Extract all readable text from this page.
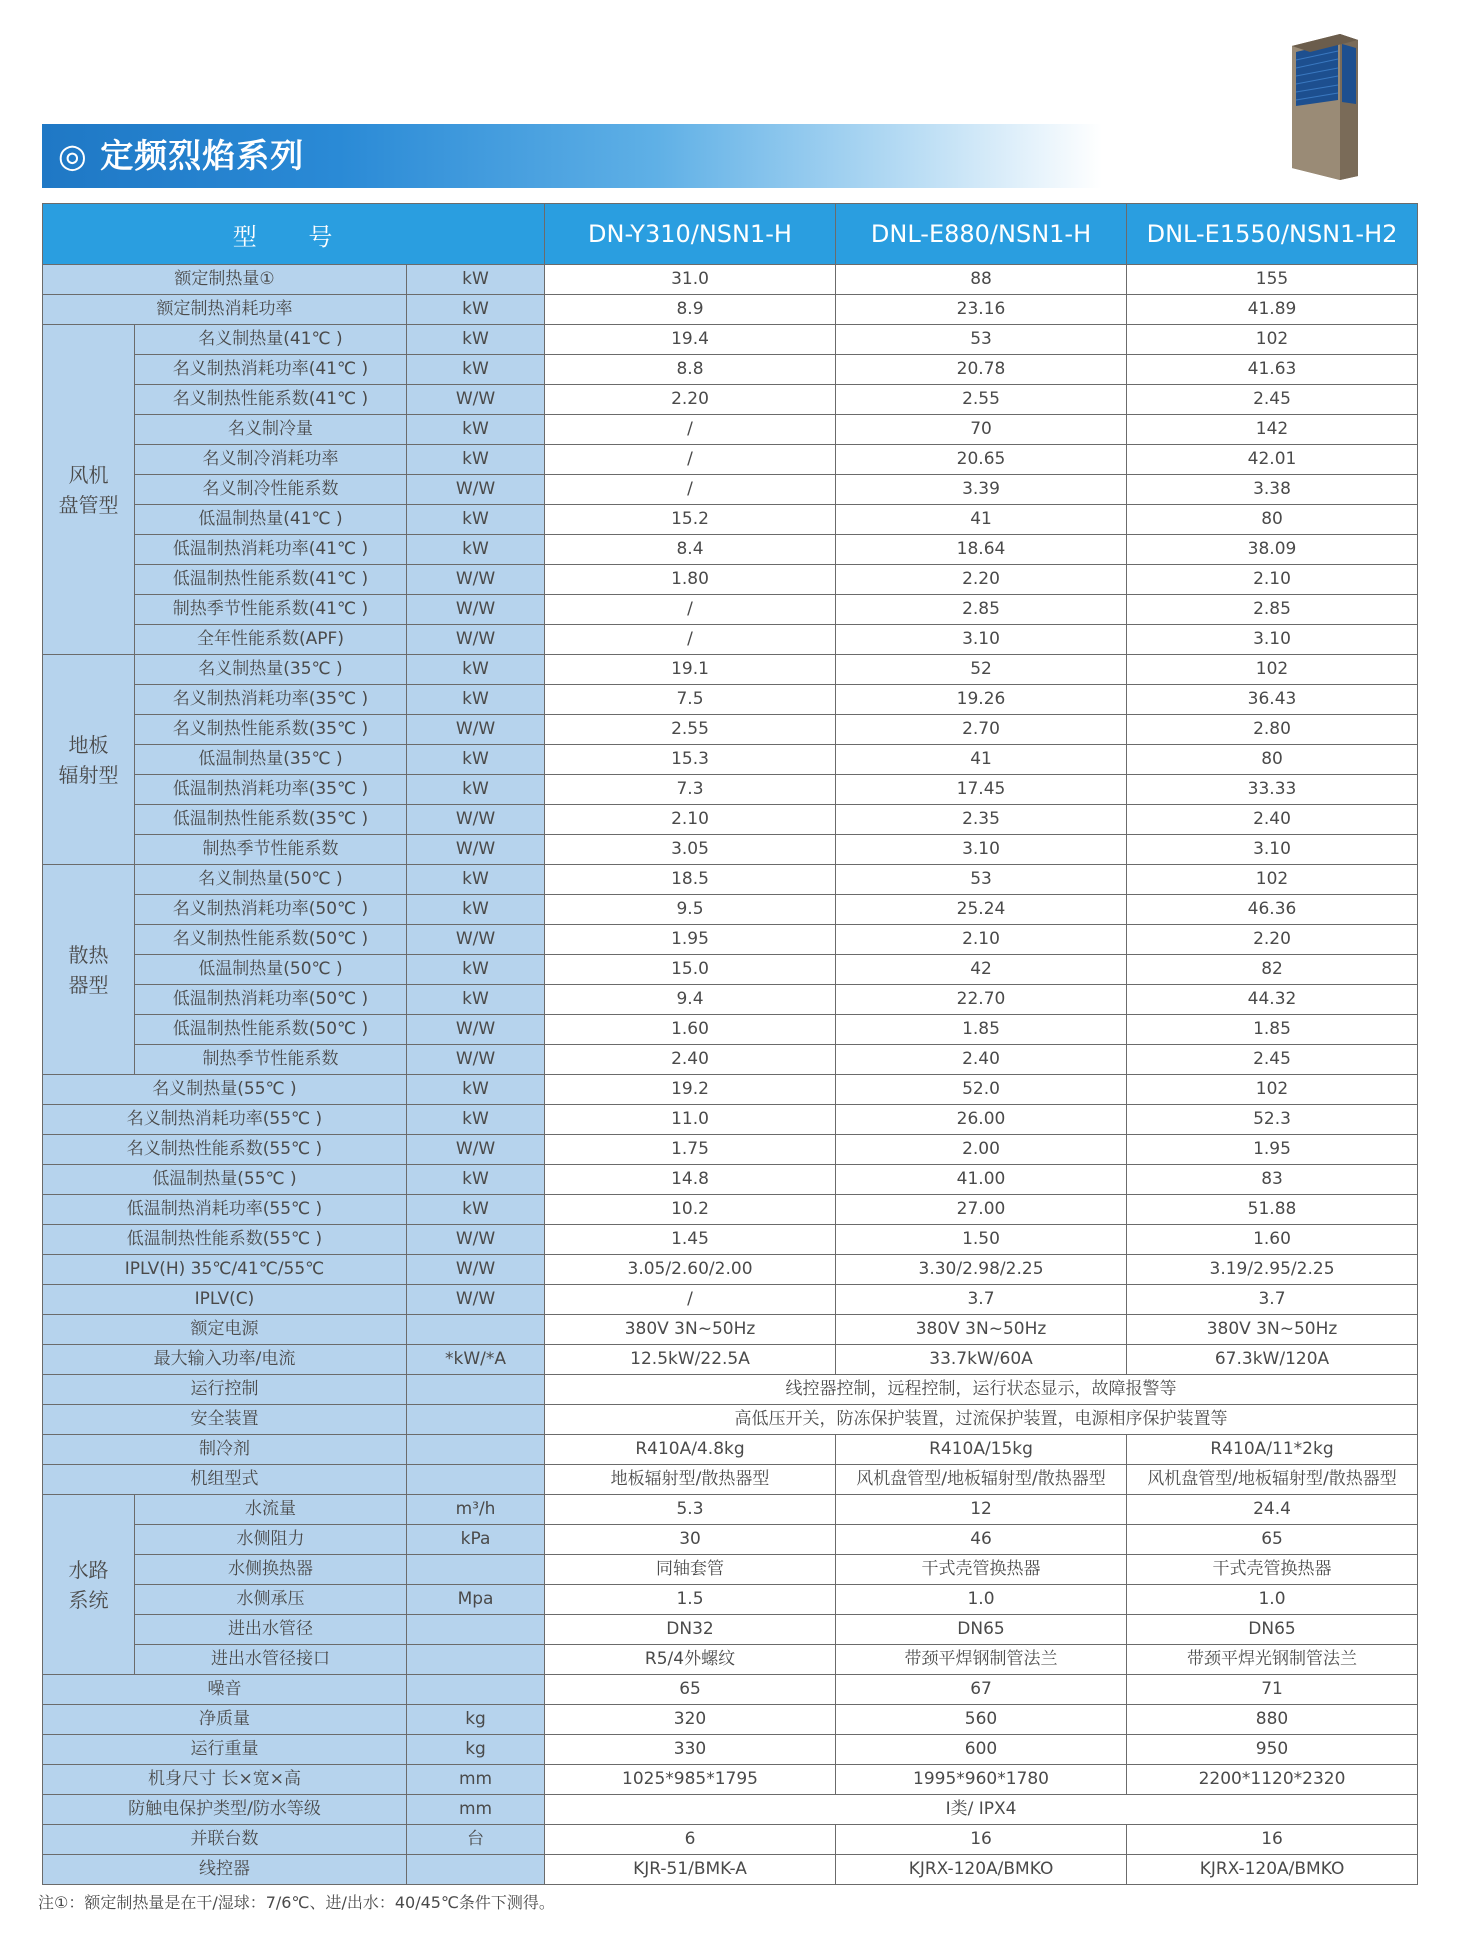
◎ 定频烈焰系列
型 号			DN-Y310/NSN1-H	DNL-E880/NSN1-H	DNL-E1550/NSN1-H2
额定制热量①		kW	31.0	88	155
额定制热消耗功率		kW	8.9	23.16	41.89
风机
盘管型	名义制热量(41℃ )	kW	19.4	53	102
	名义制热消耗功率(41℃ )	kW	8.8	20.78	41.63
	名义制热性能系数(41℃ )	W/W	2.20	2.55	2.45
	名义制冷量	kW	/	70	142
	名义制冷消耗功率	kW	/	20.65	42.01
	名义制冷性能系数	W/W	/	3.39	3.38
	低温制热量(41℃ )	kW	15.2	41	80
	低温制热消耗功率(41℃ )	kW	8.4	18.64	38.09
	低温制热性能系数(41℃ )	W/W	1.80	2.20	2.10
	制热季节性能系数(41℃ )	W/W	/	2.85	2.85
	全年性能系数(APF)	W/W	/	3.10	3.10
地板
辐射型	名义制热量(35℃ )	kW	19.1	52	102
	名义制热消耗功率(35℃ )	kW	7.5	19.26	36.43
	名义制热性能系数(35℃ )	W/W	2.55	2.70	2.80
	低温制热量(35℃ )	kW	15.3	41	80
	低温制热消耗功率(35℃ )	kW	7.3	17.45	33.33
	低温制热性能系数(35℃ )	W/W	2.10	2.35	2.40
	制热季节性能系数	W/W	3.05	3.10	3.10
散热
器型	名义制热量(50℃ )	kW	18.5	53	102
	名义制热消耗功率(50℃ )	kW	9.5	25.24	46.36
	名义制热性能系数(50℃ )	W/W	1.95	2.10	2.20
	低温制热量(50℃ )	kW	15.0	42	82
	低温制热消耗功率(50℃ )	kW	9.4	22.70	44.32
	低温制热性能系数(50℃ )	W/W	1.60	1.85	1.85
	制热季节性能系数	W/W	2.40	2.40	2.45
名义制热量(55℃ )		kW	19.2	52.0	102
名义制热消耗功率(55℃ )		kW	11.0	26.00	52.3
名义制热性能系数(55℃ )		W/W	1.75	2.00	1.95
低温制热量(55℃ )		kW	14.8	41.00	83
低温制热消耗功率(55℃ )		kW	10.2	27.00	51.88
低温制热性能系数(55℃ )		W/W	1.45	1.50	1.60
IPLV(H) 35℃/41℃/55℃		W/W	3.05/2.60/2.00	3.30/2.98/2.25	3.19/2.95/2.25
IPLV(C)		W/W	/	3.7	3.7
额定电源			380V 3N~50Hz	380V 3N~50Hz	380V 3N~50Hz
最大输入功率/电流		*kW/*A	12.5kW/22.5A	33.7kW/60A	67.3kW/120A
运行控制			线控器控制，远程控制，运行状态显示，故障报警等		
安全装置			高低压开关，防冻保护装置，过流保护装置，电源相序保护装置等		
制冷剂			R410A/4.8kg	R410A/15kg	R410A/11*2kg
机组型式			地板辐射型/散热器型	风机盘管型/地板辐射型/散热器型	风机盘管型/地板辐射型/散热器型
水路
系统	水流量	m³/h	5.3	12	24.4
	水侧阻力	kPa	30	46	65
	水侧换热器		同轴套管	干式壳管换热器	干式壳管换热器
	水侧承压	Mpa	1.5	1.0	1.0
	进出水管径		DN32	DN65	DN65
	进出水管径接口		R5/4外螺纹	带颈平焊钢制管法兰	带颈平焊光钢制管法兰
噪音			65	67	71
净质量		kg	320	560	880
运行重量		kg	330	600	950
机身尺寸 长×宽×高		mm	1025*985*1795	1995*960*1780	2200*1120*2320
防触电保护类型/防水等级		mm	I类/ IPX4		
并联台数		台	6	16	16
线控器			KJR-51/BMK-A	KJRX-120A/BMKO	KJRX-120A/BMKO
注①：额定制热量是在干/湿球：7/6℃、进/出水：40/45℃条件下测得。
